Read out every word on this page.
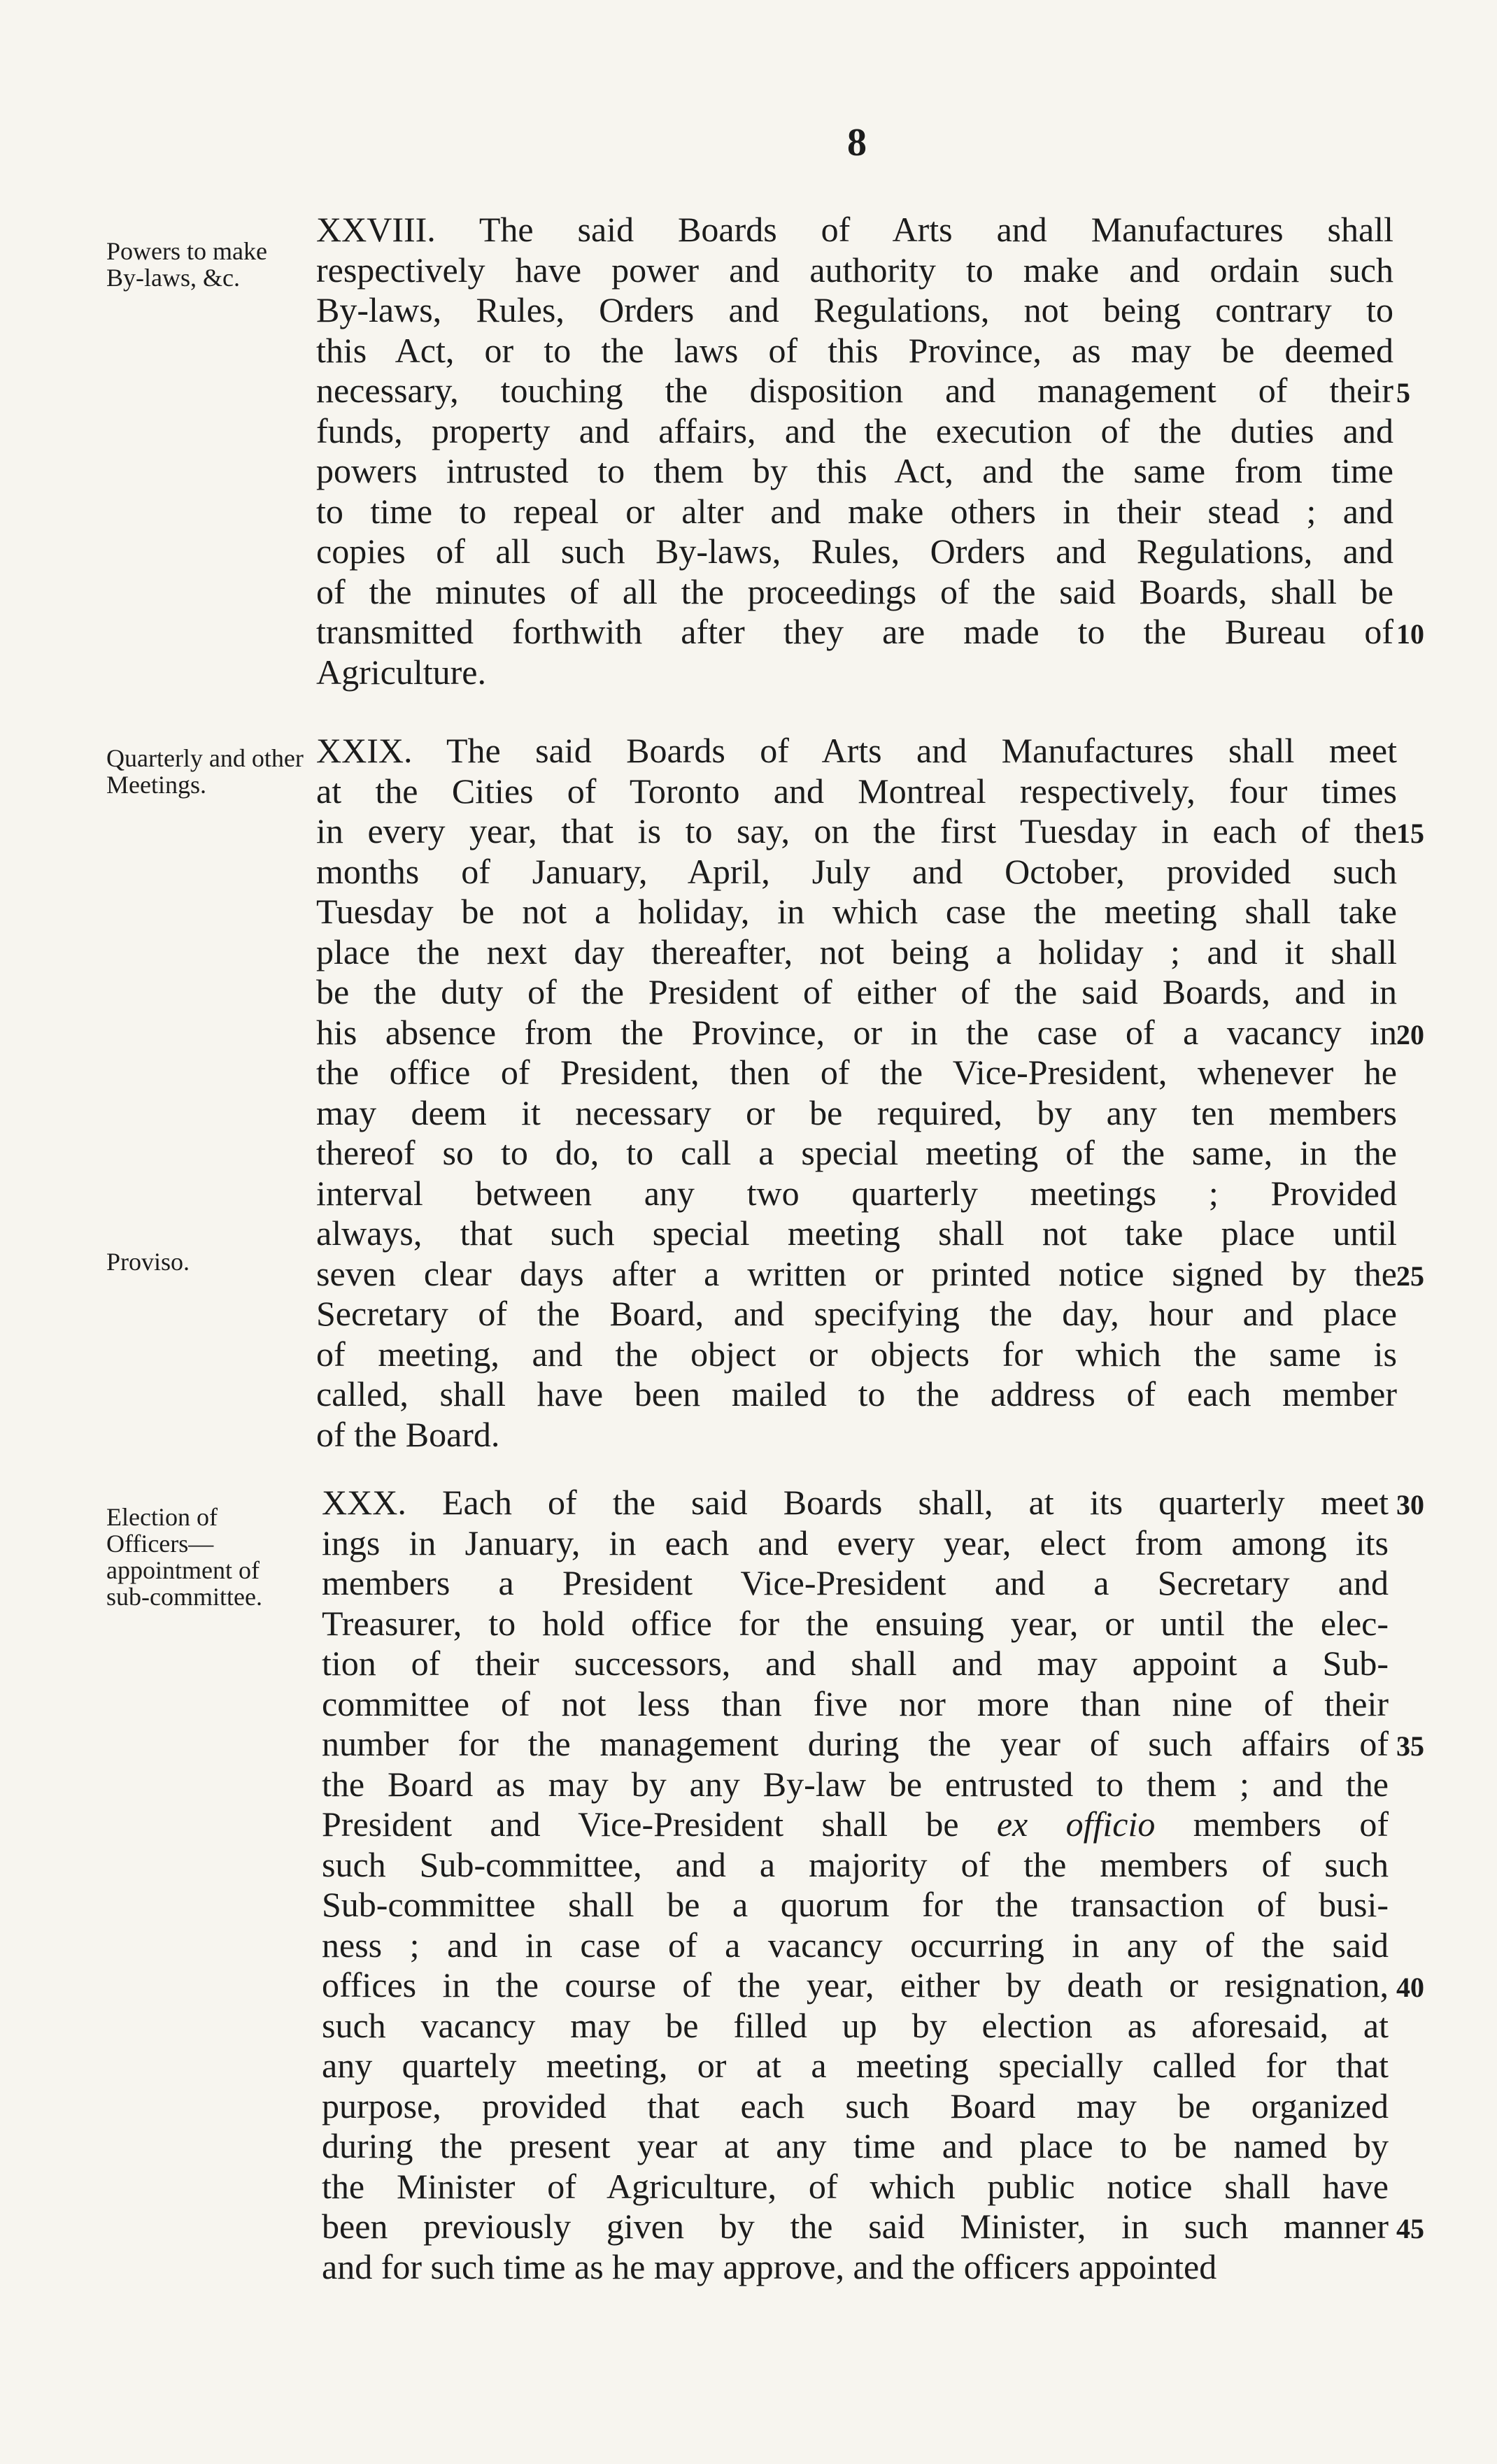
8
Powers to make By-laws, &c.
XXVIII. The said Boards of Arts and Manufactures shall
respectively have power and authority to make and ordain such
By-laws, Rules, Orders and Regulations, not being contrary to
this Act, or to the laws of this Province, as may be deemed
necessary, touching the disposition and management of their
funds, property and affairs, and the execution of the duties and
powers intrusted to them by this Act, and the same from time
to time to repeal or alter and make others in their stead ; and
copies of all such By-laws, Rules, Orders and Regulations, and
of the minutes of all the proceedings of the said Boards, shall be
transmitted forthwith after they are made to the Bureau of
Agriculture.
Quarterly and other Meetings.
Proviso.
XXIX. The said Boards of Arts and Manufactures shall meet
at the Cities of Toronto and Montreal respectively, four times
in every year, that is to say, on the first Tuesday in each of the
months of January, April, July and October, provided such
Tuesday be not a holiday, in which case the meeting shall take
place the next day thereafter, not being a holiday ; and it shall
be the duty of the President of either of the said Boards, and in
his absence from the Province, or in the case of a vacancy in
the office of President, then of the Vice-President, whenever he
may deem it necessary or be required, by any ten members
thereof so to do, to call a special meeting of the same, in the
interval between any two quarterly meetings ; Provided
always, that such special meeting shall not take place until
seven clear days after a written or printed notice signed by the
Secretary of the Board, and specifying the day, hour and place
of meeting, and the object or objects for which the same is
called, shall have been mailed to the address of each member
of the Board.
Election of Officers—appointment of sub-committee.
XXX. Each of the said Boards shall, at its quarterly meet
ings in January, in each and every year, elect from among its
members a President Vice-President and a Secretary and
Treasurer, to hold office for the ensuing year, or until the elec-
tion of their successors, and shall and may appoint a Sub-
committee of not less than five nor more than nine of their
number for the management during the year of such affairs of
the Board as may by any By-law be entrusted to them ; and the
President and Vice-President shall be ex officio members of
such Sub-committee, and a majority of the members of such
Sub-committee shall be a quorum for the transaction of busi-
ness ; and in case of a vacancy occurring in any of the said
offices in the course of the year, either by death or resignation,
such vacancy may be filled up by election as aforesaid, at
any quartely meeting, or at a meeting specially called for that
purpose, provided that each such Board may be organized
during the present year at any time and place to be named by
the Minister of Agriculture, of which public notice shall have
been previously given by the said Minister, in such manner
and for such time as he may approve, and the officers appointed
5
10
15
20
25
30
35
40
45
